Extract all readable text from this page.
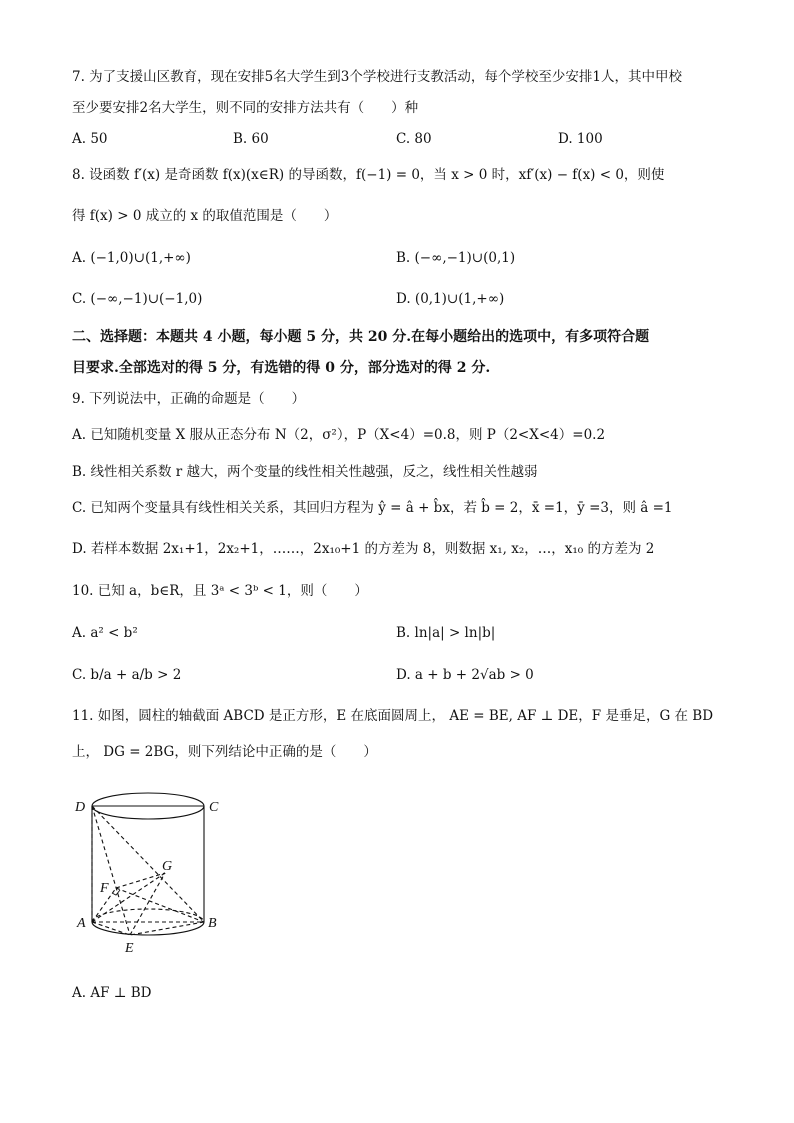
7. 为了支援山区教育，现在安排5名大学生到3个学校进行支教活动，每个学校至少安排1人，其中甲校
至少要安排2名大学生，则不同的安排方法共有（　　）种
A. 50	B. 60	C. 80	D. 100
8. 设函数 f′(x) 是奇函数 f(x)(x∈R) 的导函数，f(−1) = 0，当 x > 0 时，xf′(x) − f(x) < 0，则使
得 f(x) > 0 成立的 x 的取值范围是（　　）
A. (−1,0)∪(1,+∞)	B. (−∞,−1)∪(0,1)
C. (−∞,−1)∪(−1,0)	D. (0,1)∪(1,+∞)
二、选择题：本题共 4 小题，每小题 5 分，共 20 分.在每小题给出的选项中，有多项符合题
目要求.全部选对的得 5 分，有选错的得 0 分，部分选对的得 2 分.
9. 下列说法中，正确的命题是（　　）
A. 已知随机变量 X 服从正态分布 N（2，σ²），P（X<4）=0.8，则 P（2<X<4）=0.2
B. 线性相关系数 r 越大，两个变量的线性相关性越强，反之，线性相关性越弱
C. 已知两个变量具有线性相关关系，其回归方程为 ŷ = â + b̂x，若 b̂ = 2，x̄ =1，ȳ =3，则 â =1
D. 若样本数据 2x₁+1，2x₂+1，……，2x₁₀+1 的方差为 8，则数据 x₁, x₂，…，x₁₀ 的方差为 2
10. 已知 a，b∈R，且 3ᵃ < 3ᵇ < 1，则（　　）
A. a² < b²	B. ln|a| > ln|b|
C. b/a + a/b > 2	D. a + b + 2√ab > 0
11. 如图，圆柱的轴截面 ABCD 是正方形，E 在底面圆周上， AE = BE, AF ⊥ DE，F 是垂足，G 在 BD
上， DG = 2BG，则下列结论中正确的是（　　）
D	C
G
F
A	B
E
A. AF ⊥ BD
